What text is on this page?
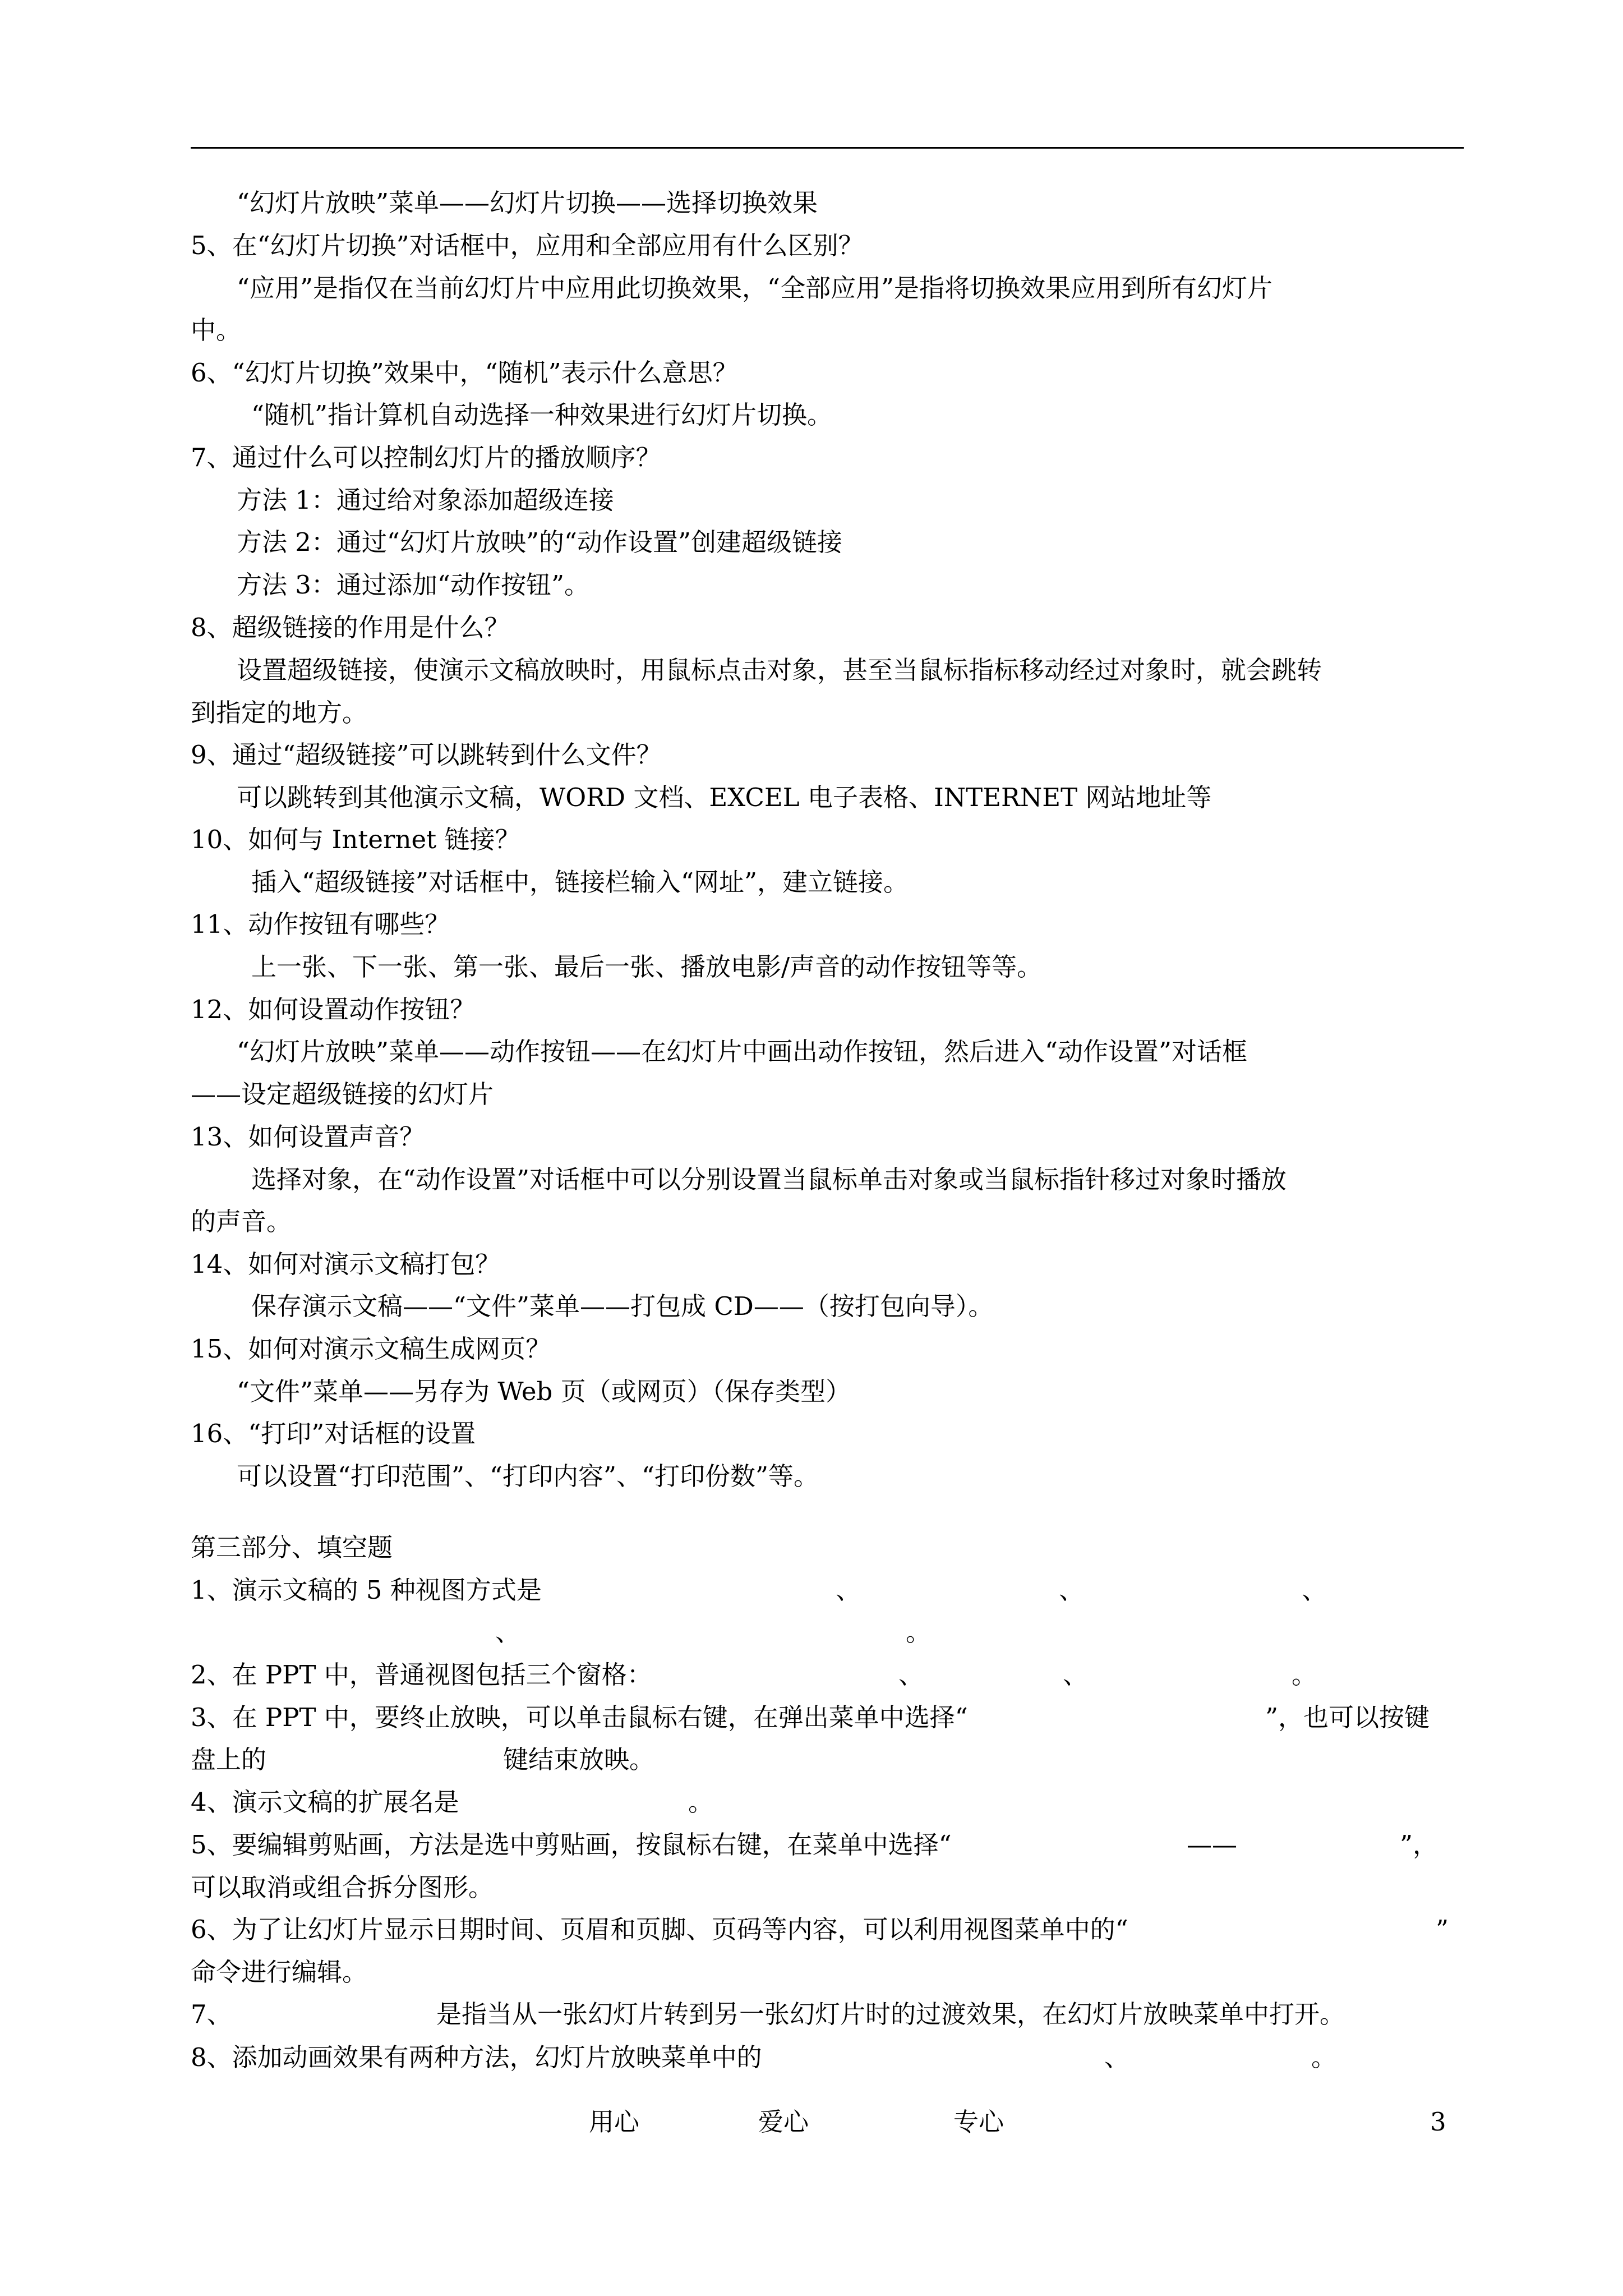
“幻灯片放映”菜单——幻灯片切换——选择切换效果
5、在“幻灯片切换”对话框中，应用和全部应用有什么区别？
“应用”是指仅在当前幻灯片中应用此切换效果，“全部应用”是指将切换效果应用到所有幻灯片
中。
6、“幻灯片切换”效果中，“随机”表示什么意思？
“随机”指计算机自动选择一种效果进行幻灯片切换。
7、通过什么可以控制幻灯片的播放顺序？
方法 1：通过给对象添加超级连接
方法 2：通过“幻灯片放映”的“动作设置”创建超级链接
方法 3：通过添加“动作按钮”。
8、超级链接的作用是什么？
设置超级链接，使演示文稿放映时，用鼠标点击对象，甚至当鼠标指标移动经过对象时，就会跳转
到指定的地方。
9、通过“超级链接”可以跳转到什么文件？
可以跳转到其他演示文稿，WORD 文档、EXCEL 电子表格、INTERNET 网站地址等
10、如何与 Internet 链接？
插入“超级链接”对话框中，链接栏输入“网址”，建立链接。
11、动作按钮有哪些？
上一张、下一张、第一张、最后一张、播放电影/声音的动作按钮等等。
12、如何设置动作按钮？
“幻灯片放映”菜单——动作按钮——在幻灯片中画出动作按钮，然后进入“动作设置”对话框
——设定超级链接的幻灯片
13、如何设置声音？
选择对象，在“动作设置”对话框中可以分别设置当鼠标单击对象或当鼠标指针移过对象时播放
的声音。
14、如何对演示文稿打包？
保存演示文稿——“文件”菜单——打包成 CD——（按打包向导）。
15、如何对演示文稿生成网页？
“文件”菜单——另存为 Web 页（或网页）（保存类型）
16、“打印”对话框的设置
可以设置“打印范围”、“打印内容”、“打印份数”等。
第三部分、填空题
1、演示文稿的 5 种视图方式是	、	、	、
、	。
2、在 PPT 中，普通视图包括三个窗格：	、	、	。
3、在 PPT 中，要终止放映，可以单击鼠标右键，在弹出菜单中选择“	”，也可以按键
盘上的	键结束放映。
4、演示文稿的扩展名是	。
5、要编辑剪贴画，方法是选中剪贴画，按鼠标右键，在菜单中选择“	——	”，
可以取消或组合拆分图形。
6、为了让幻灯片显示日期时间、页眉和页脚、页码等内容，可以利用视图菜单中的“	”
命令进行编辑。
7、	是指当从一张幻灯片转到另一张幻灯片时的过渡效果，在幻灯片放映菜单中打开。
8、添加动画效果有两种方法，幻灯片放映菜单中的	、	。
用心	爱心	专心	3
